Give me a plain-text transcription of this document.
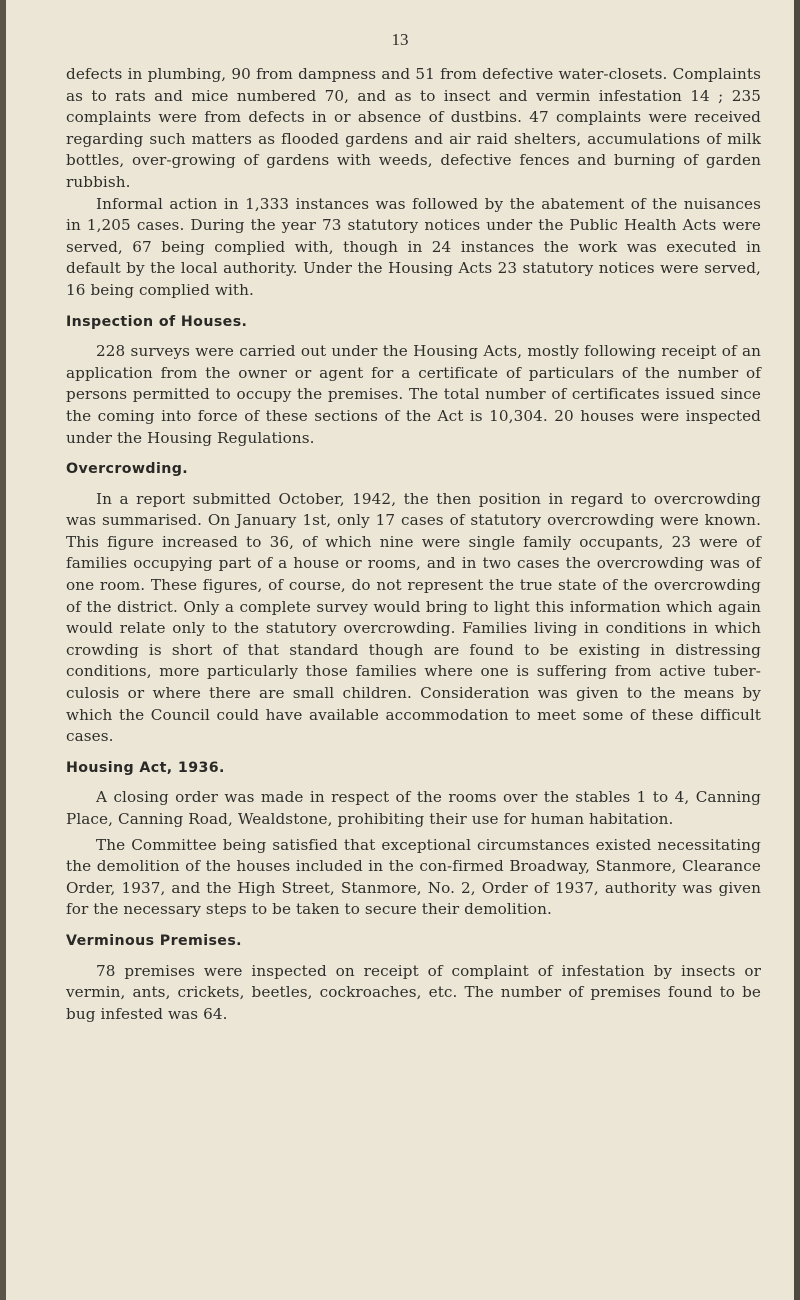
13

defects in plumbing, 90 from dampness and 51 from defective water-closets. Complaints as to rats and mice numbered 70, and as to insect and vermin infestation 14 ; 235 complaints were from defects in or absence of dustbins. 47 complaints were received regarding such matters as flooded gardens and air raid shelters, accumulations of milk bottles, over-growing of gardens with weeds, defective fences and burning of garden rubbish.

Informal action in 1,333 instances was followed by the abatement of the nuisances in 1,205 cases. During the year 73 statutory notices under the Public Health Acts were served, 67 being complied with, though in 24 instances the work was executed in default by the local authority. Under the Housing Acts 23 statutory notices were served, 16 being complied with.

Inspection of Houses.

228 surveys were carried out under the Housing Acts, mostly following receipt of an application from the owner or agent for a certificate of particulars of the number of persons permitted to occupy the premises. The total number of certificates issued since the coming into force of these sections of the Act is 10,304. 20 houses were inspected under the Housing Regulations.

Overcrowding.

In a report submitted October, 1942, the then position in regard to overcrowding was summarised. On January 1st, only 17 cases of statutory overcrowding were known. This figure increased to 36, of which nine were single family occupants, 23 were of families occupying part of a house or rooms, and in two cases the overcrowding was of one room. These figures, of course, do not represent the true state of the overcrowding of the district. Only a complete survey would bring to light this information which again would relate only to the statutory overcrowding. Families living in conditions in which crowding is short of that standard though are found to be existing in distressing conditions, more particularly those families where one is suffering from active tuber-culosis or where there are small children. Consideration was given to the means by which the Council could have available accommodation to meet some of these difficult cases.

Housing Act, 1936.

A closing order was made in respect of the rooms over the stables 1 to 4, Canning Place, Canning Road, Wealdstone, prohibiting their use for human habitation.

The Committee being satisfied that exceptional circumstances existed necessitating the demolition of the houses included in the con-firmed Broadway, Stanmore, Clearance Order, 1937, and the High Street, Stanmore, No. 2, Order of 1937, authority was given for the necessary steps to be taken to secure their demolition.

Verminous Premises.

78 premises were inspected on receipt of complaint of infestation by insects or vermin, ants, crickets, beetles, cockroaches, etc. The number of premises found to be bug infested was 64.
